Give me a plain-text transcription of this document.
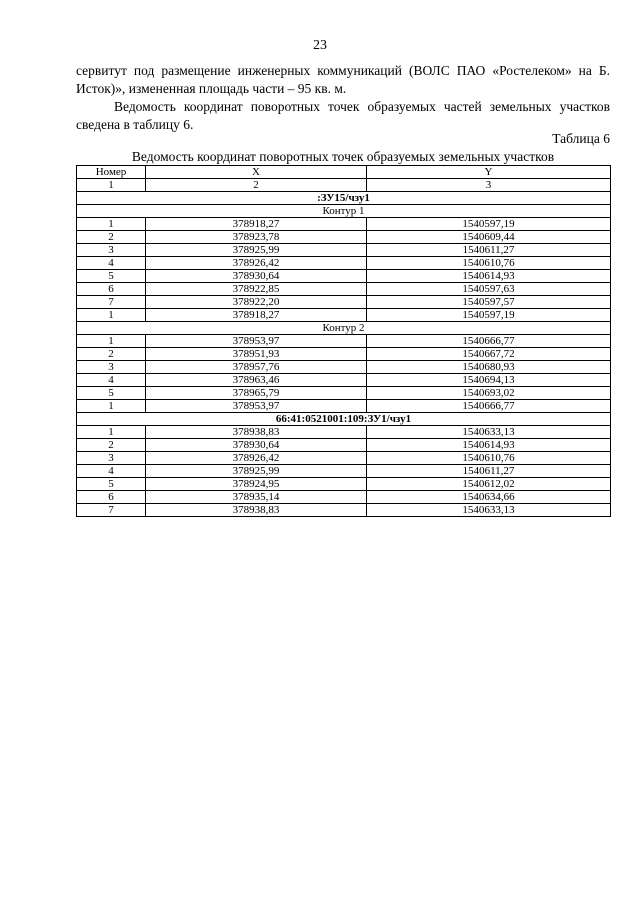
23

сервитут под размещение инженерных коммуникаций (ВОЛС ПАО «Ростелеком» на Б. Исток)», измененная площадь части – 95 кв. м.

Ведомость координат поворотных точек образуемых частей земельных участков сведена в таблицу 6.

Таблица 6
Ведомость координат поворотных точек образуемых земельных участков
Номер	X	Y
1	2	3
:ЗУ15/чзу1		
Контур 1		
1	378918,27	1540597,19
2	378923,78	1540609,44
3	378925,99	1540611,27
4	378926,42	1540610,76
5	378930,64	1540614,93
6	378922,85	1540597,63
7	378922,20	1540597,57
1	378918,27	1540597,19
Контур 2		
1	378953,97	1540666,77
2	378951,93	1540667,72
3	378957,76	1540680,93
4	378963,46	1540694,13
5	378965,79	1540693,02
1	378953,97	1540666,77
66:41:0521001:109:ЗУ1/чзу1		
1	378938,83	1540633,13
2	378930,64	1540614,93
3	378926,42	1540610,76
4	378925,99	1540611,27
5	378924,95	1540612,02
6	378935,14	1540634,66
7	378938,83	1540633,13
